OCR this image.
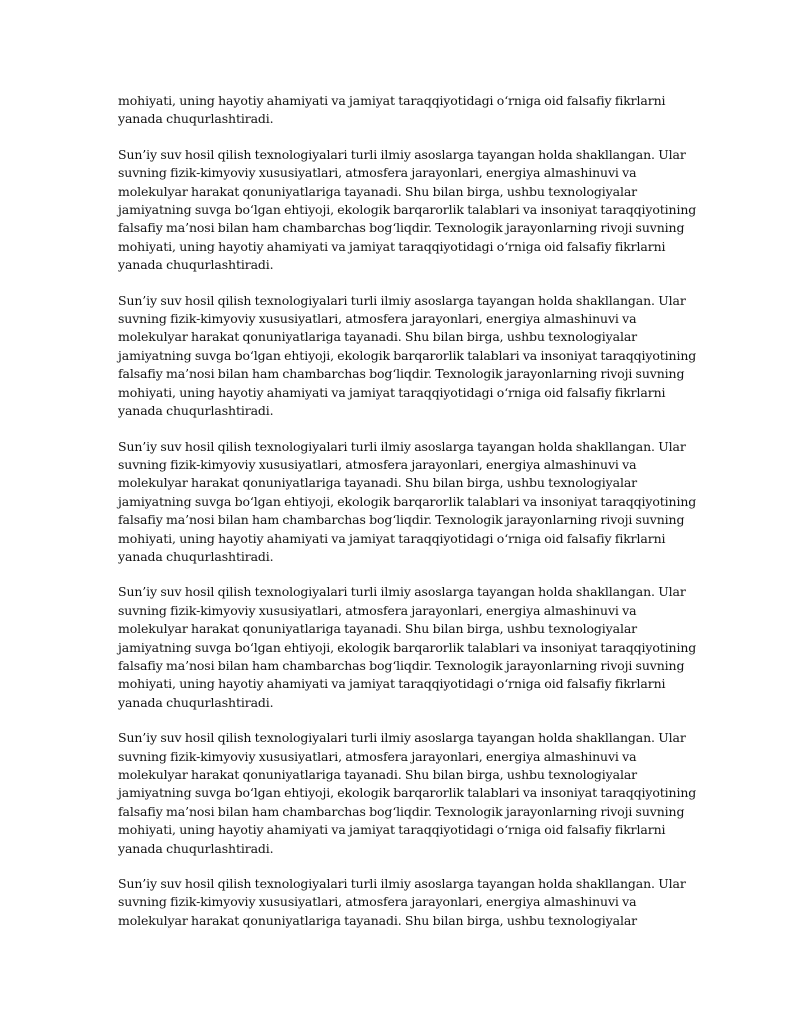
mohiyati, uning hayotiy ahamiyati va jamiyat taraqqiyotidagi o‘rniga oid falsafiy fikrlarni
yanada chuqurlashtiradi.

Sun’iy suv hosil qilish texnologiyalari turli ilmiy asoslarga tayangan holda shakllangan. Ular
suvning fizik-kimyoviy xususiyatlari, atmosfera jarayonlari, energiya almashinuvi va
molekulyar harakat qonuniyatlariga tayanadi. Shu bilan birga, ushbu texnologiyalar
jamiyatning suvga bo‘lgan ehtiyoji, ekologik barqarorlik talablari va insoniyat taraqqiyotining
falsafiy ma’nosi bilan ham chambarchas bog‘liqdir. Texnologik jarayonlarning rivoji suvning
mohiyati, uning hayotiy ahamiyati va jamiyat taraqqiyotidagi o‘rniga oid falsafiy fikrlarni
yanada chuqurlashtiradi.

Sun’iy suv hosil qilish texnologiyalari turli ilmiy asoslarga tayangan holda shakllangan. Ular
suvning fizik-kimyoviy xususiyatlari, atmosfera jarayonlari, energiya almashinuvi va
molekulyar harakat qonuniyatlariga tayanadi. Shu bilan birga, ushbu texnologiyalar
jamiyatning suvga bo‘lgan ehtiyoji, ekologik barqarorlik talablari va insoniyat taraqqiyotining
falsafiy ma’nosi bilan ham chambarchas bog‘liqdir. Texnologik jarayonlarning rivoji suvning
mohiyati, uning hayotiy ahamiyati va jamiyat taraqqiyotidagi o‘rniga oid falsafiy fikrlarni
yanada chuqurlashtiradi.

Sun’iy suv hosil qilish texnologiyalari turli ilmiy asoslarga tayangan holda shakllangan. Ular
suvning fizik-kimyoviy xususiyatlari, atmosfera jarayonlari, energiya almashinuvi va
molekulyar harakat qonuniyatlariga tayanadi. Shu bilan birga, ushbu texnologiyalar
jamiyatning suvga bo‘lgan ehtiyoji, ekologik barqarorlik talablari va insoniyat taraqqiyotining
falsafiy ma’nosi bilan ham chambarchas bog‘liqdir. Texnologik jarayonlarning rivoji suvning
mohiyati, uning hayotiy ahamiyati va jamiyat taraqqiyotidagi o‘rniga oid falsafiy fikrlarni
yanada chuqurlashtiradi.

Sun’iy suv hosil qilish texnologiyalari turli ilmiy asoslarga tayangan holda shakllangan. Ular
suvning fizik-kimyoviy xususiyatlari, atmosfera jarayonlari, energiya almashinuvi va
molekulyar harakat qonuniyatlariga tayanadi. Shu bilan birga, ushbu texnologiyalar
jamiyatning suvga bo‘lgan ehtiyoji, ekologik barqarorlik talablari va insoniyat taraqqiyotining
falsafiy ma’nosi bilan ham chambarchas bog‘liqdir. Texnologik jarayonlarning rivoji suvning
mohiyati, uning hayotiy ahamiyati va jamiyat taraqqiyotidagi o‘rniga oid falsafiy fikrlarni
yanada chuqurlashtiradi.

Sun’iy suv hosil qilish texnologiyalari turli ilmiy asoslarga tayangan holda shakllangan. Ular
suvning fizik-kimyoviy xususiyatlari, atmosfera jarayonlari, energiya almashinuvi va
molekulyar harakat qonuniyatlariga tayanadi. Shu bilan birga, ushbu texnologiyalar
jamiyatning suvga bo‘lgan ehtiyoji, ekologik barqarorlik talablari va insoniyat taraqqiyotining
falsafiy ma’nosi bilan ham chambarchas bog‘liqdir. Texnologik jarayonlarning rivoji suvning
mohiyati, uning hayotiy ahamiyati va jamiyat taraqqiyotidagi o‘rniga oid falsafiy fikrlarni
yanada chuqurlashtiradi.

Sun’iy suv hosil qilish texnologiyalari turli ilmiy asoslarga tayangan holda shakllangan. Ular
suvning fizik-kimyoviy xususiyatlari, atmosfera jarayonlari, energiya almashinuvi va
molekulyar harakat qonuniyatlariga tayanadi. Shu bilan birga, ushbu texnologiyalar
